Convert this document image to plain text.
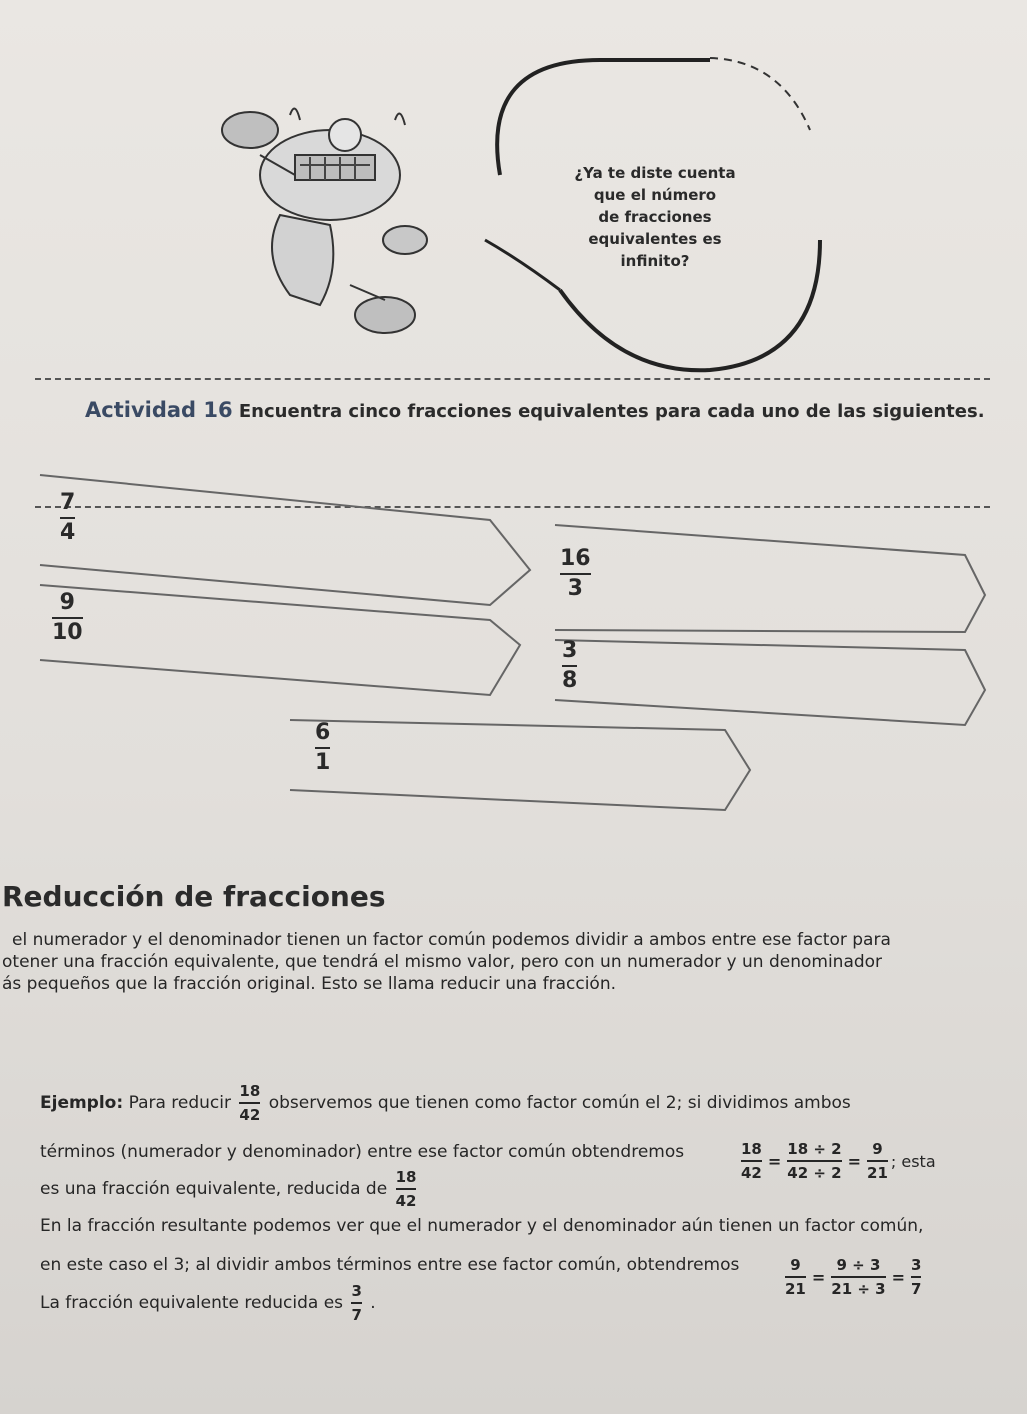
¿Ya te diste cuenta
que el número
de fracciones
equivalentes es
infinito?
Actividad 16 Encuentra cinco fracciones equivalentes para cada uno de las siguientes.
7
4
16
3
9
10
3
8
6
1
Reducción de fracciones
el numerador y el denominador tienen un factor común podemos dividir a ambos entre ese factor para
otener una fracción equivalente, que tendrá el mismo valor, pero con un numerador y un denominador
ás pequeños que la fracción original. Esto se llama reducir una fracción.
Ejemplo: Para reducir $\frac{18}{42}$ observemos que tienen como factor común el 2; si dividimos ambos
términos (numerador y denominador) entre ese factor común obtendremos	$\frac{18}{42} = \frac{18 \div 2}{42 \div 2} = \frac{9}{21}$ ; esta
es una fracción equivalente, reducida de $\frac{18}{42}$
En la fracción resultante podemos ver que el numerador y el denominador aún tienen un factor común,
en este caso el 3; al dividir ambos términos entre ese factor común, obtendremos	$\frac{9}{21} = \frac{9 \div 3}{21 \div 3} = \frac{3}{7}$
La fracción equivalente reducida es $\frac{3}{7}$ .
